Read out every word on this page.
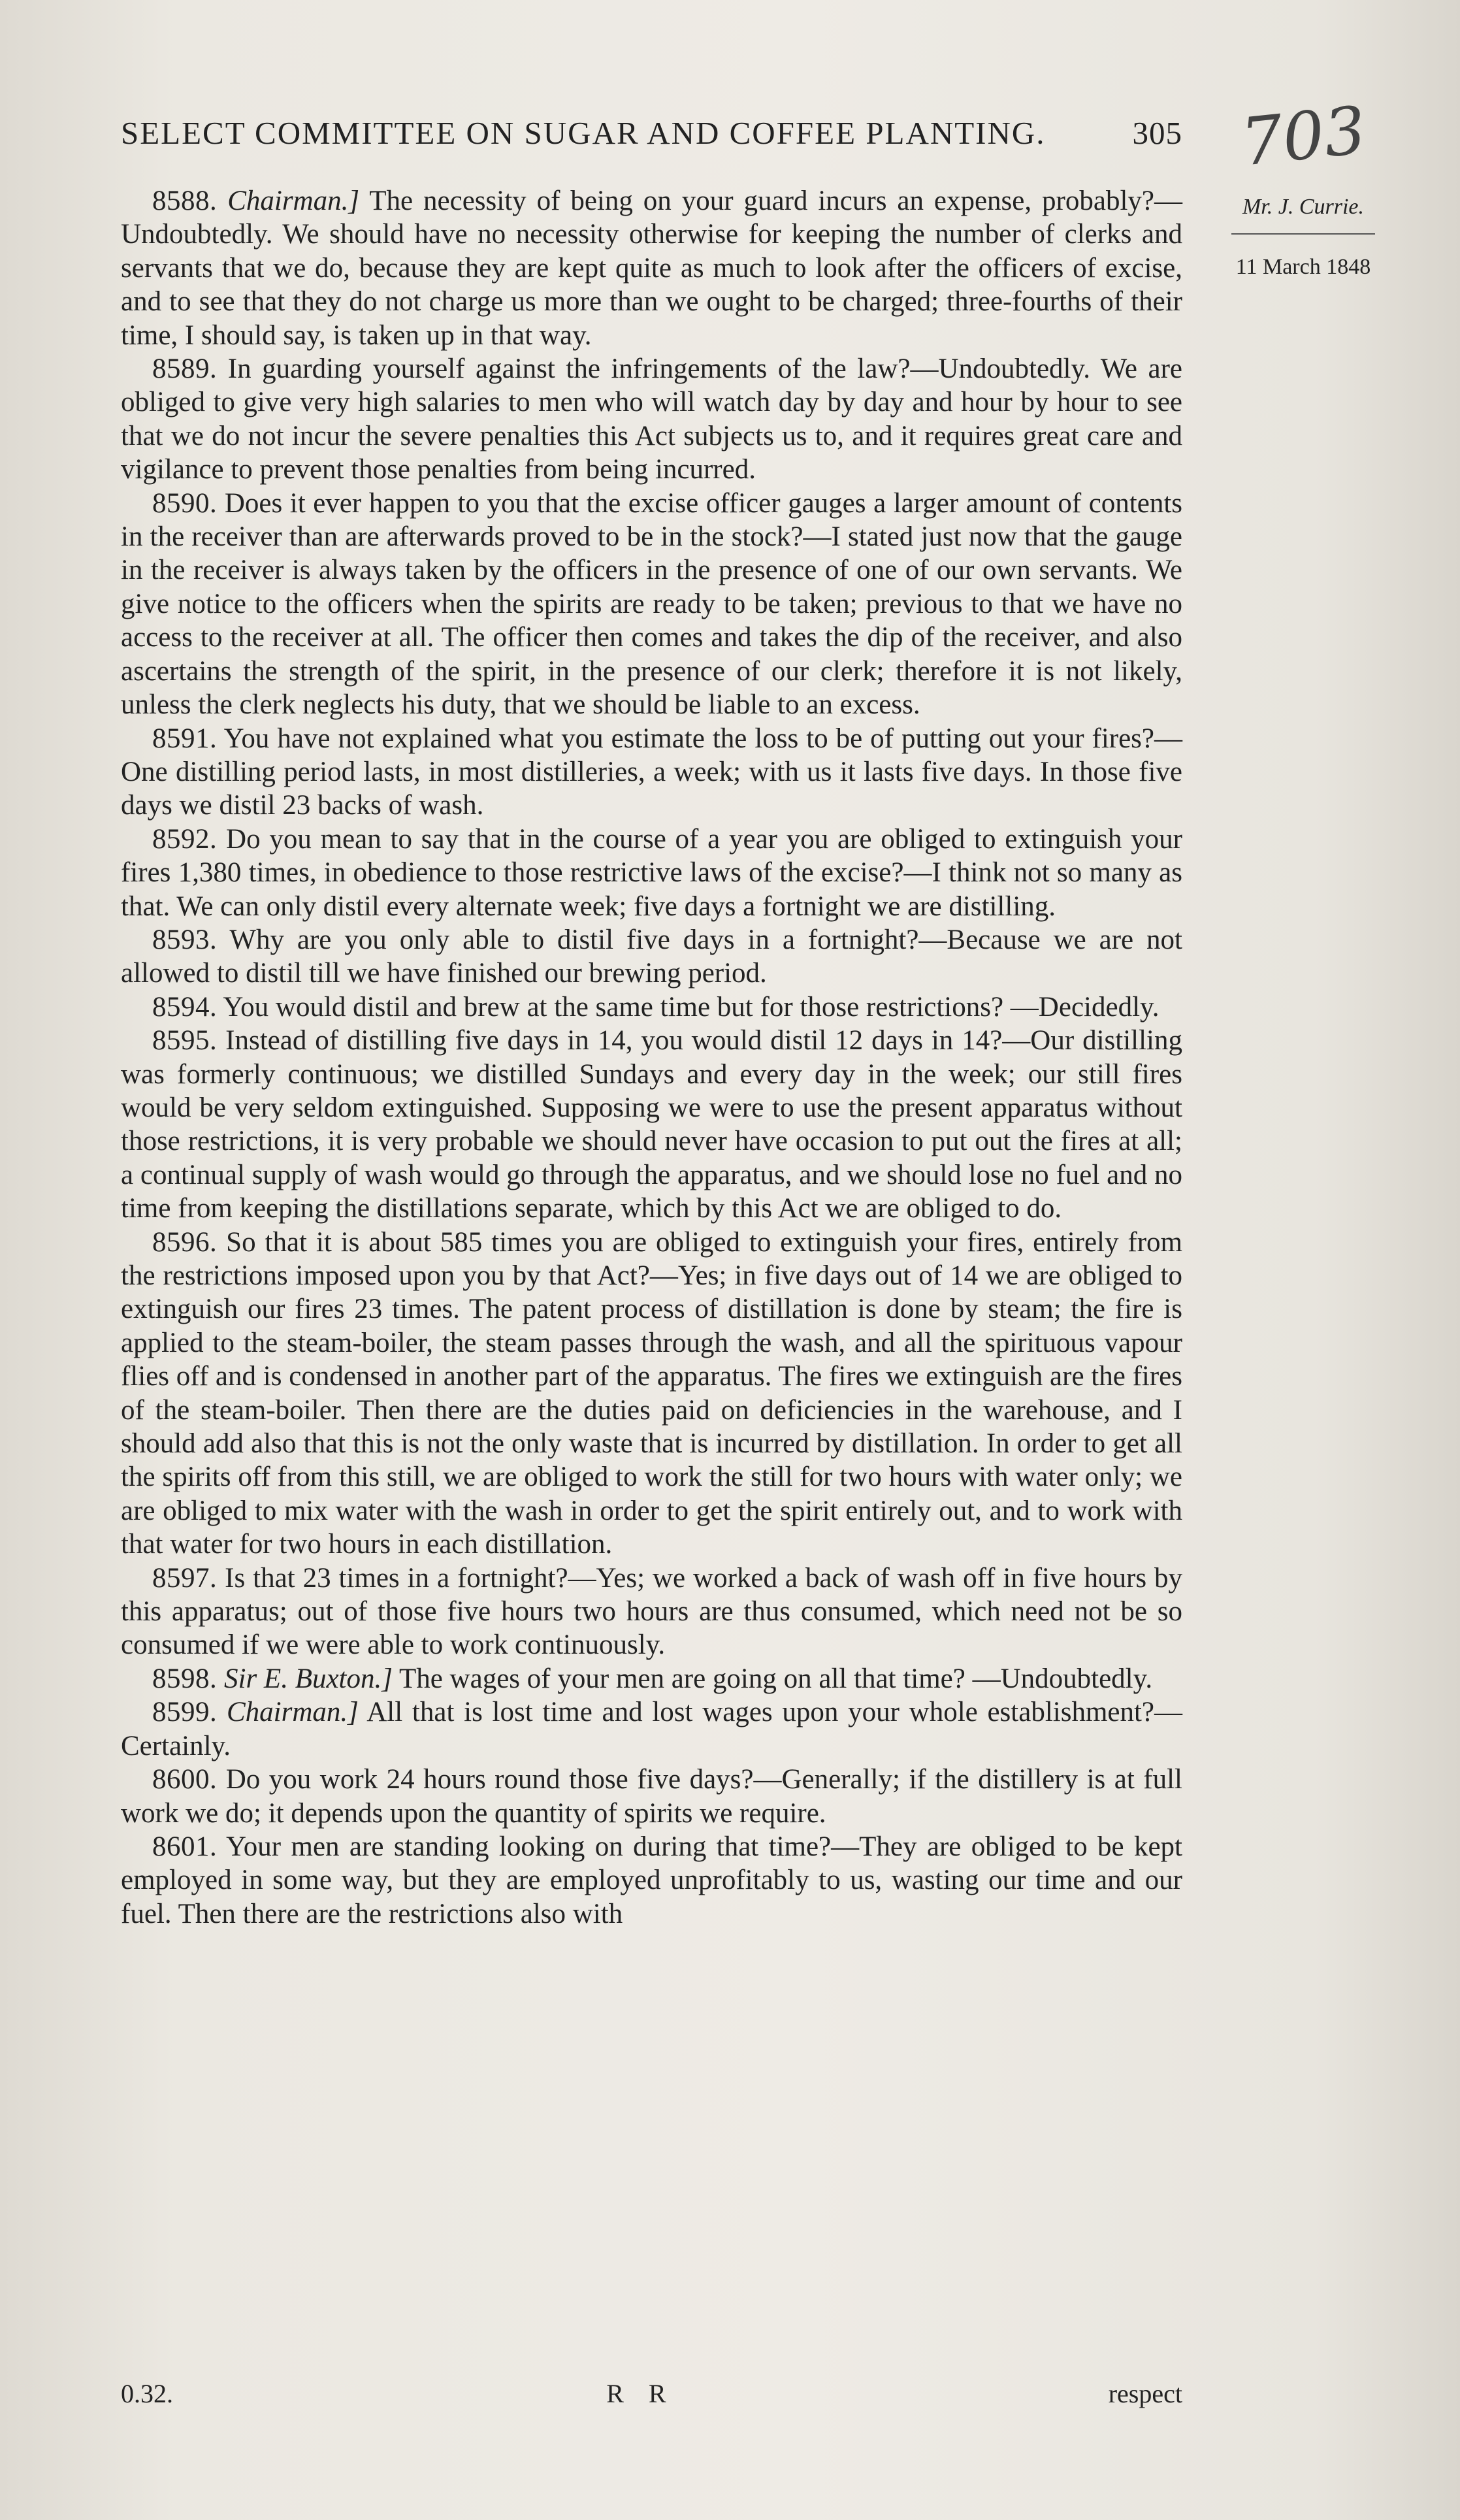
SELECT COMMITTEE ON SUGAR AND COFFEE PLANTING.	305 703
Mr. J. Currie.
11 March 1848

8588. Chairman.] The necessity of being on your guard incurs an expense, probably?—Undoubtedly. We should have no necessity otherwise for keeping the number of clerks and servants that we do, because they are kept quite as much to look after the officers of excise, and to see that they do not charge us more than we ought to be charged; three-fourths of their time, I should say, is taken up in that way.

8589. In guarding yourself against the infringements of the law?—Undoubtedly. We are obliged to give very high salaries to men who will watch day by day and hour by hour to see that we do not incur the severe penalties this Act subjects us to, and it requires great care and vigilance to prevent those penalties from being incurred.

8590. Does it ever happen to you that the excise officer gauges a larger amount of contents in the receiver than are afterwards proved to be in the stock?—I stated just now that the gauge in the receiver is always taken by the officers in the presence of one of our own servants. We give notice to the officers when the spirits are ready to be taken; previous to that we have no access to the receiver at all. The officer then comes and takes the dip of the receiver, and also ascertains the strength of the spirit, in the presence of our clerk; therefore it is not likely, unless the clerk neglects his duty, that we should be liable to an excess.

8591. You have not explained what you estimate the loss to be of putting out your fires?—One distilling period lasts, in most distilleries, a week; with us it lasts five days. In those five days we distil 23 backs of wash.

8592. Do you mean to say that in the course of a year you are obliged to extinguish your fires 1,380 times, in obedience to those restrictive laws of the excise?—I think not so many as that. We can only distil every alternate week; five days a fortnight we are distilling.

8593. Why are you only able to distil five days in a fortnight?—Because we are not allowed to distil till we have finished our brewing period.

8594. You would distil and brew at the same time but for those restrictions? —Decidedly.

8595. Instead of distilling five days in 14, you would distil 12 days in 14?—Our distilling was formerly continuous; we distilled Sundays and every day in the week; our still fires would be very seldom extinguished. Supposing we were to use the present apparatus without those restrictions, it is very probable we should never have occasion to put out the fires at all; a continual supply of wash would go through the apparatus, and we should lose no fuel and no time from keeping the distillations separate, which by this Act we are obliged to do.

8596. So that it is about 585 times you are obliged to extinguish your fires, entirely from the restrictions imposed upon you by that Act?—Yes; in five days out of 14 we are obliged to extinguish our fires 23 times. The patent process of distillation is done by steam; the fire is applied to the steam-boiler, the steam passes through the wash, and all the spirituous vapour flies off and is condensed in another part of the apparatus. The fires we extinguish are the fires of the steam-boiler. Then there are the duties paid on deficiencies in the warehouse, and I should add also that this is not the only waste that is incurred by distillation. In order to get all the spirits off from this still, we are obliged to work the still for two hours with water only; we are obliged to mix water with the wash in order to get the spirit entirely out, and to work with that water for two hours in each distillation.

8597. Is that 23 times in a fortnight?—Yes; we worked a back of wash off in five hours by this apparatus; out of those five hours two hours are thus consumed, which need not be so consumed if we were able to work continuously.

8598. Sir E. Buxton.] The wages of your men are going on all that time? —Undoubtedly.

8599. Chairman.] All that is lost time and lost wages upon your whole establishment?—Certainly.

8600. Do you work 24 hours round those five days?—Generally; if the distillery is at full work we do; it depends upon the quantity of spirits we require.

8601. Your men are standing looking on during that time?—They are obliged to be kept employed in some way, but they are employed unprofitably to us, wasting our time and our fuel. Then there are the restrictions also with

0.32.	R R	respect
